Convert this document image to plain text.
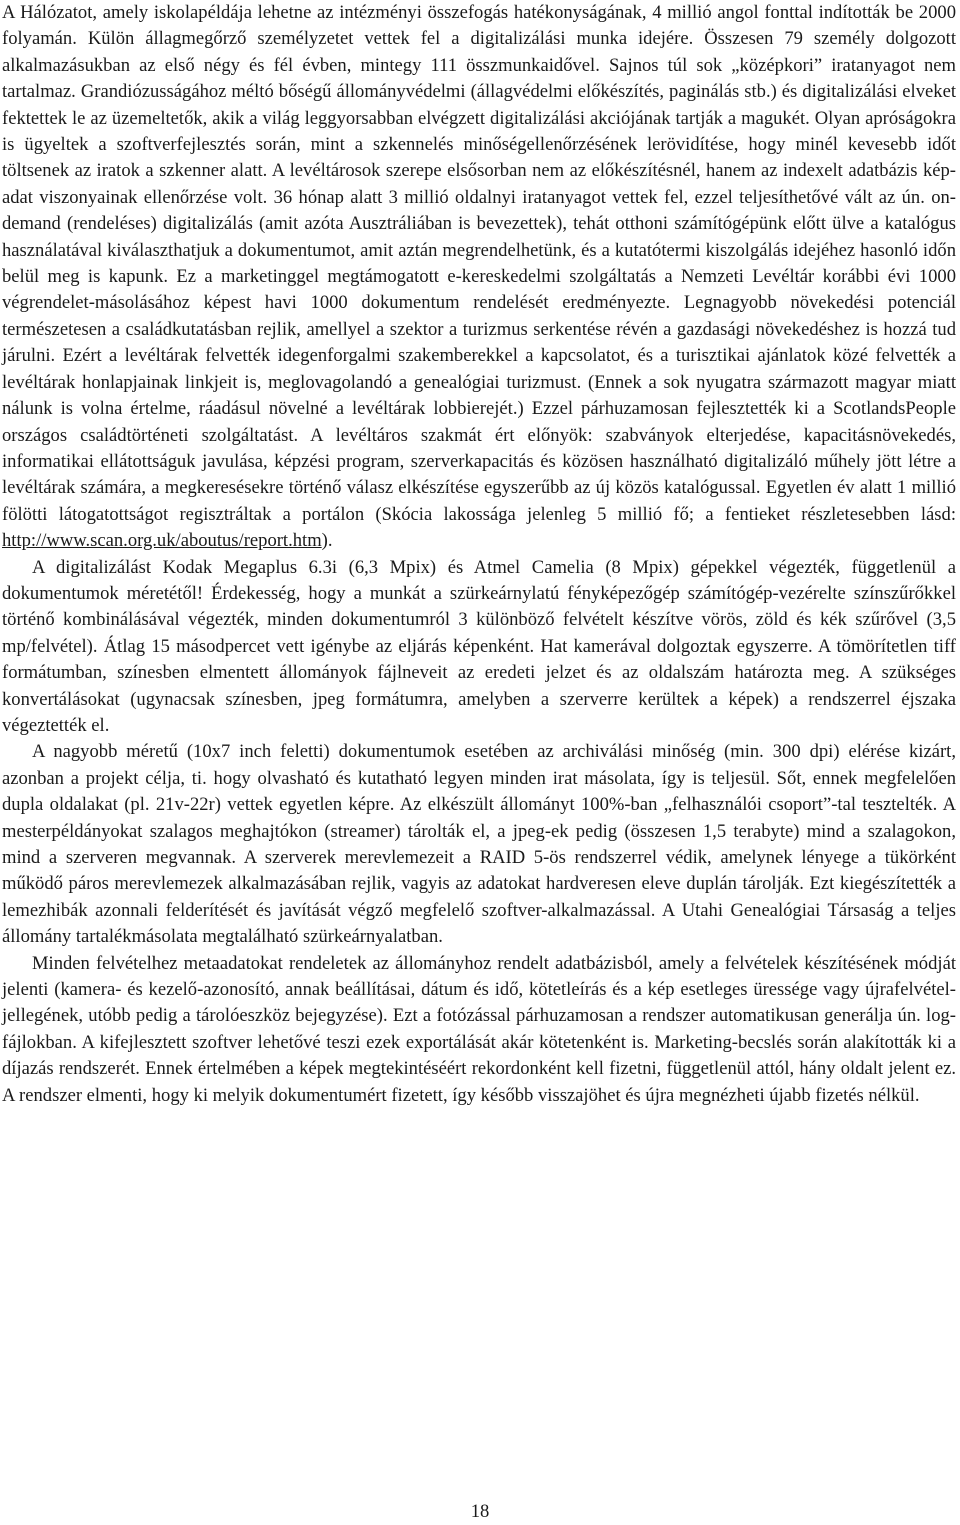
A Hálózatot, amely iskolapéldája lehetne az intézményi összefogás hatékonyságának, 4 millió angol fonttal indították be 2000 folyamán. Külön állagmegőrző személyzetet vettek fel a digitalizálási munka idejére. Összesen 79 személy dolgozott alkalmazásukban az első négy és fél évben, mintegy 111 összmunkaidővel. Sajnos túl sok „középkori” iratanyagot nem tartalmaz. Grandiózusságához méltó bőségű állományvédelmi (állagvédelmi előkészítés, paginálás stb.) és digitalizálási elveket fektettek le az üzemeltetők, akik a világ leggyorsabban elvégzett digitalizálási akciójának tartják a magukét. Olyan apróságokra is ügyeltek a szoftverfejlesztés során, mint a szkennelés minőségellenőrzésének lerövidítése, hogy minél kevesebb időt töltsenek az iratok a szkenner alatt. A levéltárosok szerepe elsősorban nem az előkészítésnél, hanem az indexelt adatbázis kép-adat viszonyainak ellenőrzése volt. 36 hónap alatt 3 millió oldalnyi iratanyagot vettek fel, ezzel teljesíthetővé vált az ún. on-demand (rendeléses) digitalizálás (amit azóta Ausztráliában is bevezettek), tehát otthoni számítógépünk előtt ülve a katalógus használatával kiválaszthatjuk a dokumentumot, amit aztán megrendelhetünk, és a kutatótermi kiszolgálás idejéhez hasonló időn belül meg is kapunk. Ez a marketinggel megtámogatott e-kereskedelmi szolgáltatás a Nemzeti Levéltár korábbi évi 1000 végrendelet-másolásához képest havi 1000 dokumentum rendelését eredményezte. Legnagyobb növekedési potenciál természetesen a családkutatásban rejlik, amellyel a szektor a turizmus serkentése révén a gazdasági növekedéshez is hozzá tud járulni. Ezért a levéltárak felvették idegenforgalmi szakemberekkel a kapcsolatot, és a turisztikai ajánlatok közé felvették a levéltárak honlapjainak linkjeit is, meglovagolandó a genealógiai turizmust. (Ennek a sok nyugatra származott magyar miatt nálunk is volna értelme, ráadásul növelné a levéltárak lobbierejét.) Ezzel párhuzamosan fejlesztették ki a ScotlandsPeople országos családtörténeti szolgáltatást. A levéltáros szakmát ért előnyök: szabványok elterjedése, kapacitásnövekedés, informatikai ellátottságuk javulása, képzési program, szerverkapacitás és közösen használható digitalizáló műhely jött létre a levéltárak számára, a megkeresésekre történő válasz elkészítése egyszerűbb az új közös katalógussal. Egyetlen év alatt 1 millió fölötti látogatottságot regisztráltak a portálon (Skócia lakossága jelenleg 5 millió fő; a fentieket részletesebben lásd: http://www.scan.org.uk/aboutus/report.htm).

A digitalizálást Kodak Megaplus 6.3i (6,3 Mpix) és Atmel Camelia (8 Mpix) gépekkel végezték, függetlenül a dokumentumok méretétől! Érdekesség, hogy a munkát a szürkeárnylatú fényképezőgép számítógép-vezérelte színszűrőkkel történő kombinálásával végezték, minden dokumentumról 3 különböző felvételt készítve vörös, zöld és kék szűrővel (3,5 mp/felvétel). Átlag 15 másodpercet vett igénybe az eljárás képenként. Hat kamerával dolgoztak egyszerre. A tömörítetlen tiff formátumban, színesben elmentett állományok fájlneveit az eredeti jelzet és az oldalszám határozta meg. A szükséges konvertálásokat (ugynacsak színesben, jpeg formátumra, amelyben a szerverre kerültek a képek) a rendszerrel éjszaka végeztették el.

A nagyobb méretű (10x7 inch feletti) dokumentumok esetében az archiválási minőség (min. 300 dpi) elérése kizárt, azonban a projekt célja, ti. hogy olvasható és kutatható legyen minden irat másolata, így is teljesül. Sőt, ennek megfelelően dupla oldalakat (pl. 21v-22r) vettek egyetlen képre. Az elkészült állományt 100%-ban „felhasználói csoport”-tal tesztelték. A mesterpéldányokat szalagos meghajtókon (streamer) tárolták el, a jpeg-ek pedig (összesen 1,5 terabyte) mind a szalagokon, mind a szerveren megvannak. A szerverek merevlemezeit a RAID 5-ös rendszerrel védik, amelynek lényege a tükörként működő páros merevlemezek alkalmazásában rejlik, vagyis az adatokat hardveresen eleve duplán tárolják. Ezt kiegészítették a lemezhibák azonnali felderítését és javítását végző megfelelő szoftver-alkalmazással. A Utahi Genealógiai Társaság a teljes állomány tartalékmásolata megtalálható szürkeárnyalatban.

Minden felvételhez metaadatokat rendeletek az állományhoz rendelt adatbázisból, amely a felvételek készítésének módját jelenti (kamera- és kezelő-azonosító, annak beállításai, dátum és idő, kötetleírás és a kép esetleges üressége vagy újrafelvétel-jellegének, utóbb pedig a tárolóeszköz bejegyzése). Ezt a fotózással párhuzamosan a rendszer automatikusan generálja ún. log-fájlokban. A kifejlesztett szoftver lehetővé teszi ezek exportálását akár kötetenként is. Marketing-becslés során alakították ki a díjazás rendszerét. Ennek értelmében a képek megtekintéséért rekordonként kell fizetni, függetlenül attól, hány oldalt jelent ez. A rendszer elmenti, hogy ki melyik dokumentumért fizetett, így később visszajöhet és újra megnézheti újabb fizetés nélkül.

18
